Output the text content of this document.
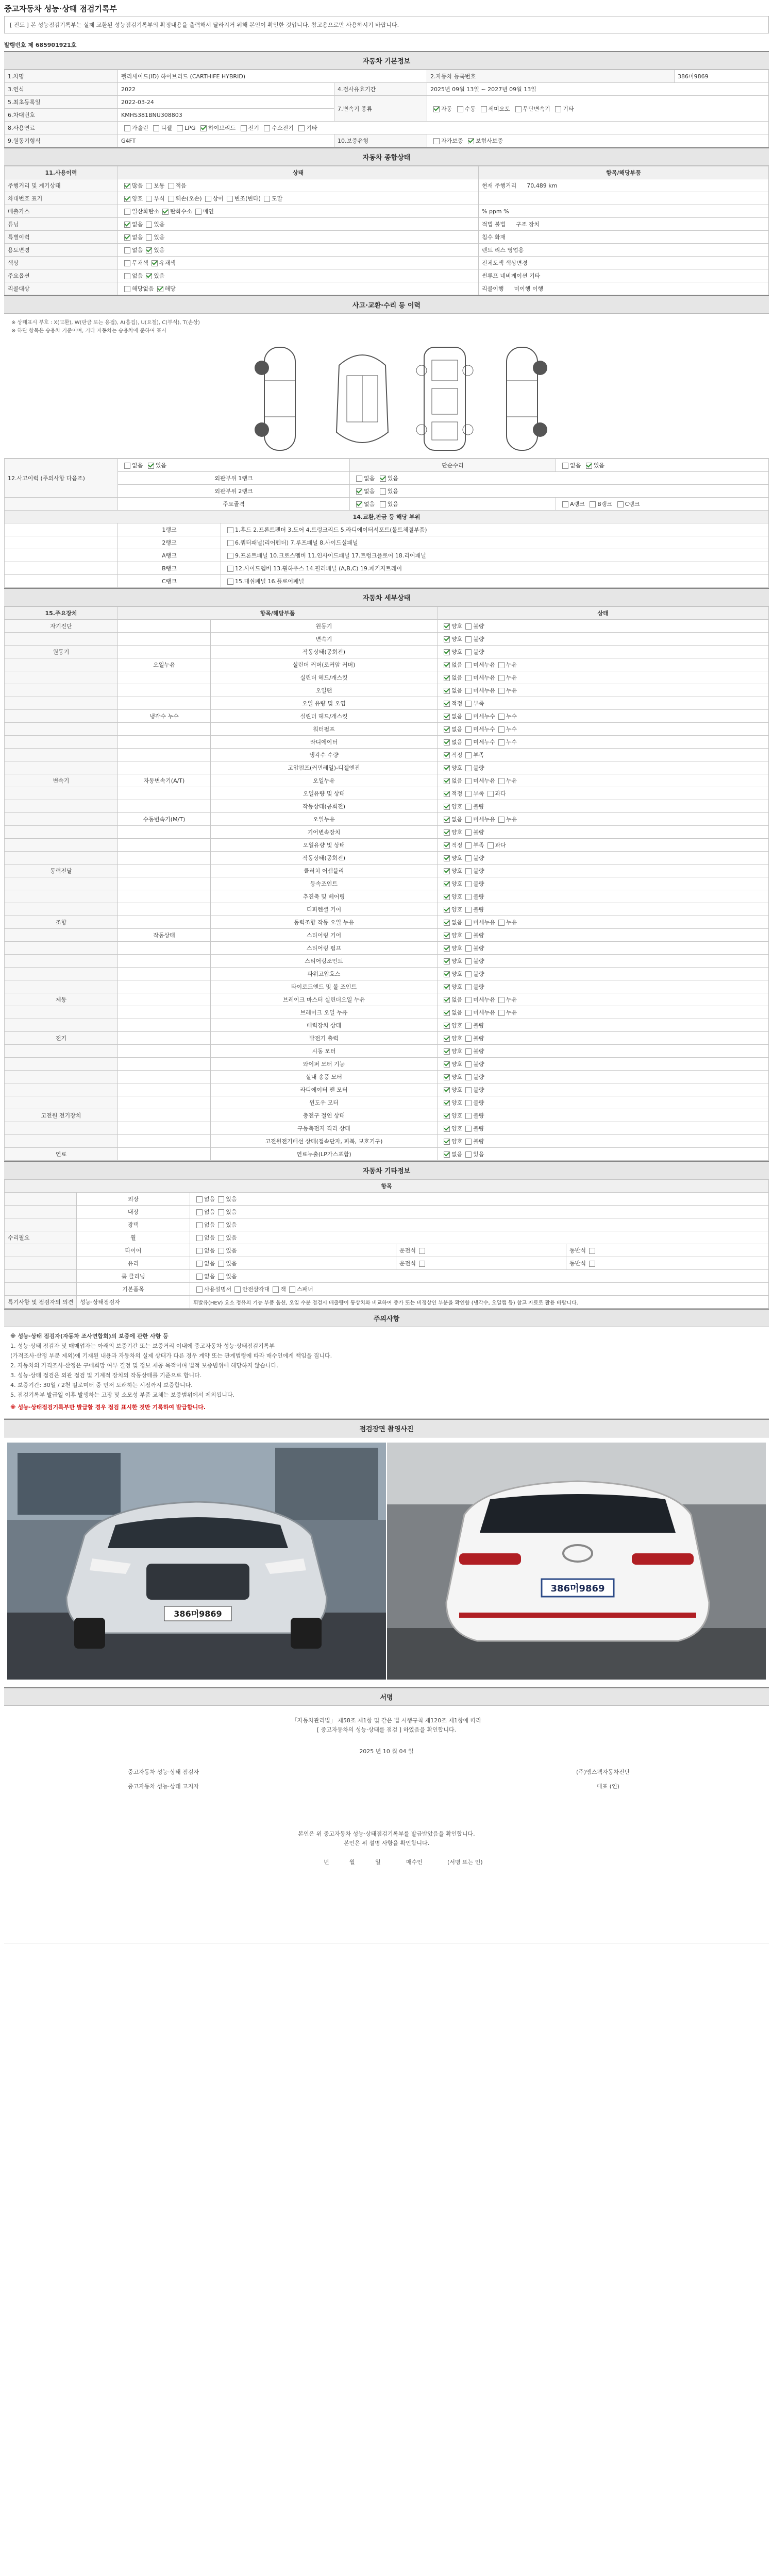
중고자동차 성능·상태 점검기록부
[ 진도 ] 본 성능점검기록부는 실제 교환된 성능점검기록부의 확정내용을 출력해서 달라지거 위해 본인이 확인한 것입니다. 참고용으로만 사용하시기 바랍니다.
발행번호 제 685901921호
자동차 기본정보
1.차명	팰리세이드(ID) 하이브리드 (CARTHIFE HYBRID)		2.자동차 등록번호	386머9869
3.연식	2022	4.검사유효기간	2025년 09월 13일 ~ 2027년 09월 13일	
5.최초등록일	2022-03-24	7.변속기 종류	자동 수동 세미오토 무단변속기 기타	
6.차대번호	KMHS381BNU308803			
8.사용연료	가솔린 디젤 LPG 하이브리드 전기 수소전기 기타			
9.원동기형식	G4FT	10.보증유형	자가보증 보험사보증	
자동차 종합상태
11.사용이력	상태	항목/해당부품
주행거리 및 계기상태	많음 보통 적음	현재 주행거리 70,489 km
차대번호 표기	양호 부식 훼손(오손) 상이 변조(변타) 도말	
배출가스	일산화탄소 탄화수소 매연	% ppm %
튜닝	없음 있음	적법 불법 구조 장치
특별이력	없음 있음	침수 화재
용도변경	없음 있음	렌트 리스 영업용
색상	무채색 유채색	전체도색 색상변경
주요옵션	없음 있음	썬루프 네비게이션 기타
리콜대상	해당없음 해당	리콜이행 미이행 이행
사고·교환·수리 등 이력
※ 상태표시 부호 : X(교환), W(판금 또는 용접), A(흠집), U(요철), C(부식), T(손상)
※ 하단 항목은 승용차 기준이며, 기타 자동차는 승용차에 준하여 표시
12.사고이력 (주의사항 다음조)	없음 있음		단순수리	없음 있음
	외판부위 1랭크		없음 있음	
	외판부위 2랭크		없음 있음	
	주요골격		없음 있음	A랭크 B랭크 C랭크
14.교환,판금 등 해당 부위				
	1랭크	1.후드 2.프론트펜더 3.도어 4.트렁크리드 5.라디에이터서포트(볼트체결부품)		
	2랭크	6.쿼터패널(리어펜더) 7.루프패널 8.사이드실패널		
	A랭크	9.프론트패널 10.크로스멤버 11.인사이드패널 17.트렁크플로어 18.리어패널		
	B랭크	12.사이드멤버 13.휠하우스 14.필러패널 (A,B,C) 19.패키지트레이		
	C랭크	15.대쉬패널 16.플로어패널		
자동차 세부상태
15.주요장치	항목/해당부품		상태
자기진단		원동기	양호 불량
		변속기	양호 불량
원동기		작동상태(공회전)	양호 불량
	오일누유	실린더 커버(로커암 커버)	없음 미세누유 누유
		실린더 헤드/개스킷	없음 미세누유 누유
		오일팬	없음 미세누유 누유
		오일 유량 및 오염	적정 부족
	냉각수 누수	실린더 헤드/개스킷	없음 미세누수 누수
		워터펌프	없음 미세누수 누수
		라디에이터	없음 미세누수 누수
		냉각수 수량	적정 부족
		고압펌프(커먼레일)-디젤엔진	양호 불량
변속기	자동변속기(A/T)	오일누유	없음 미세누유 누유
		오일유량 및 상태	적정 부족 과다
		작동상태(공회전)	양호 불량
	수동변속기(M/T)	오일누유	없음 미세누유 누유
		기어변속장치	양호 불량
		오일유량 및 상태	적정 부족 과다
		작동상태(공회전)	양호 불량
동력전달		클러치 어셈블리	양호 불량
		등속조인트	양호 불량
		추진축 및 베어링	양호 불량
		디퍼렌셜 기어	양호 불량
조향		동력조향 작동 오일 누유	없음 미세누유 누유
	작동상태	스티어링 기어	양호 불량
		스티어링 펌프	양호 불량
		스티어링조인트	양호 불량
		파워고압호스	양호 불량
		타이로드엔드 및 볼 조인트	양호 불량
제동		브레이크 마스터 실린더오일 누유	없음 미세누유 누유
		브레이크 오일 누유	없음 미세누유 누유
		배력장치 상태	양호 불량
전기		발전기 출력	양호 불량
		시동 모터	양호 불량
		와이퍼 모터 기능	양호 불량
		실내 송풍 모터	양호 불량
		라디에이터 팬 모터	양호 불량
		윈도우 모터	양호 불량
고전원 전기장치		충전구 절연 상태	양호 불량
		구동축전지 격리 상태	양호 불량
		고전원전기배선 상태(접속단자, 피복, 보호기구)	양호 불량
연료		연료누출(LP가스포함)	없음 있음
자동차 기타정보
항목				
	외장	없음 있음		
	내장	없음 있음		
	광택	없음 있음		
수리필요	휠	없음 있음		
	타이어	없음 있음	운전석	동반석
	유리	없음 있음	운전석	동반석
	룸 클리닝	없음 있음		
	기본품목	사용설명서 안전삼각대 잭 스패너		
특기사항 및 점검자의 의견	성능·상태점검자	휘발유(HEV) 요소 정유의 기능 부품 옵션, 오일 수분 점검시 배출량이 통상치와 비교하여 증가 또는 비정상인 부분을 확인함 (냉각수, 오일캡 등) 참고 자료로 활용 바랍니다.		
주의사항

※ 성능·상태 점검자(자동차 조사연합회)의 보증에 관한 사항 등

1. 성능·상태 점검자 및 매매업자는 아래의 보증기간 또는 보증거리 이내에 중고자동차 성능·상태점검기록부

(가격조사·산정 부분 제외)에 기재된 내용과 자동차의 실제 상태가 다른 경우 계약 또는 관계법령에 따라 매수인에게 책임을 집니다.

2. 자동차의 가격조사·산정은 구매희망 여부 결정 및 정보 제공 목적이며 법적 보증범위에 해당하지 않습니다.

3. 성능·상태 점검은 외관 점검 및 기계적 장치의 작동상태를 기준으로 합니다.

4. 보증기간: 30일 / 2천 킬로미터 중 먼저 도래하는 시점까지 보증합니다.

5. 점검기록부 발급일 이후 발생하는 고장 및 소모성 부품 교체는 보증범위에서 제외됩니다.

※ 성능·상태점검기록부만 발급할 경우 점검 표시한 것만 기록하여 발급합니다.

점검장면 촬영사진
386머9869
386머9869
서명
「자동차관리법」 제58조 제1항 및 같은 법 시행규칙 제120조 제1항에 따라
[ 중고자동차의 성능·상태를 점검 ] 하였음을 확인합니다.
2025 년 10 월 04 일
중고자동차 성능·상태 점검자
중고자동차 성능·상태 고지자
(주)엠스펙자동차진단
대표 (인)
본인은 위 중고자동차 성능·상태점검기록부를 발급받았음을 확인합니다.
본인은 위 설명 사항을 확인합니다.
년	월	일	매수인	(서명 또는 인)
